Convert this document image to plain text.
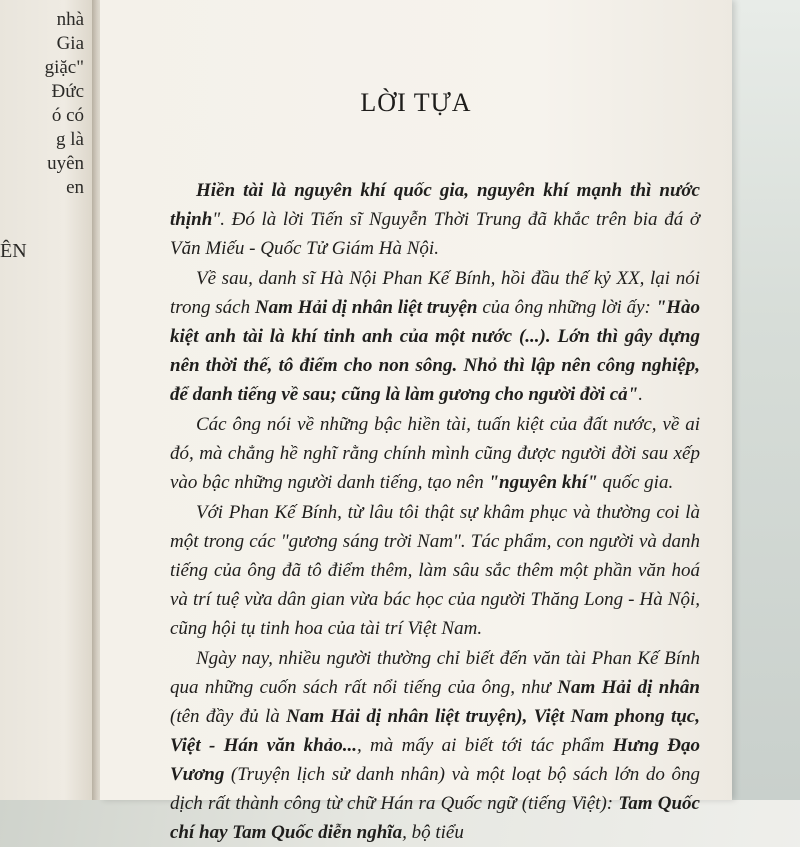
nhà
Gia
giặc"
Đức
ó có
g là
uyên
en
ÊN
LỜI TỰA

Hiền tài là nguyên khí quốc gia, nguyên khí mạnh thì nước thịnh". Đó là lời Tiến sĩ Nguyễn Thời Trung đã khắc trên bia đá ở Văn Miếu - Quốc Tử Giám Hà Nội.

Về sau, danh sĩ Hà Nội Phan Kế Bính, hồi đầu thế kỷ XX, lại nói trong sách Nam Hải dị nhân liệt truyện của ông những lời ấy: "Hào kiệt anh tài là khí tinh anh của một nước (...). Lớn thì gây dựng nên thời thế, tô điểm cho non sông. Nhỏ thì lập nên công nghiệp, để danh tiếng về sau; cũng là làm gương cho người đời cả".

Các ông nói về những bậc hiền tài, tuấn kiệt của đất nước, về ai đó, mà chẳng hề nghĩ rằng chính mình cũng được người đời sau xếp vào bậc những người danh tiếng, tạo nên "nguyên khí" quốc gia.

Với Phan Kế Bính, từ lâu tôi thật sự khâm phục và thường coi là một trong các "gương sáng trời Nam". Tác phẩm, con người và danh tiếng của ông đã tô điểm thêm, làm sâu sắc thêm một phần văn hoá và trí tuệ vừa dân gian vừa bác học của người Thăng Long - Hà Nội, cũng hội tụ tinh hoa của tài trí Việt Nam.

Ngày nay, nhiều người thường chỉ biết đến văn tài Phan Kế Bính qua những cuốn sách rất nổi tiếng của ông, như Nam Hải dị nhân (tên đầy đủ là Nam Hải dị nhân liệt truyện), Việt Nam phong tục, Việt - Hán văn khảo..., mà mấy ai biết tới tác phẩm Hưng Đạo Vương (Truyện lịch sử danh nhân) và một loạt bộ sách lớn do ông dịch rất thành công từ chữ Hán ra Quốc ngữ (tiếng Việt): Tam Quốc chí hay Tam Quốc diễn nghĩa, bộ tiểu
